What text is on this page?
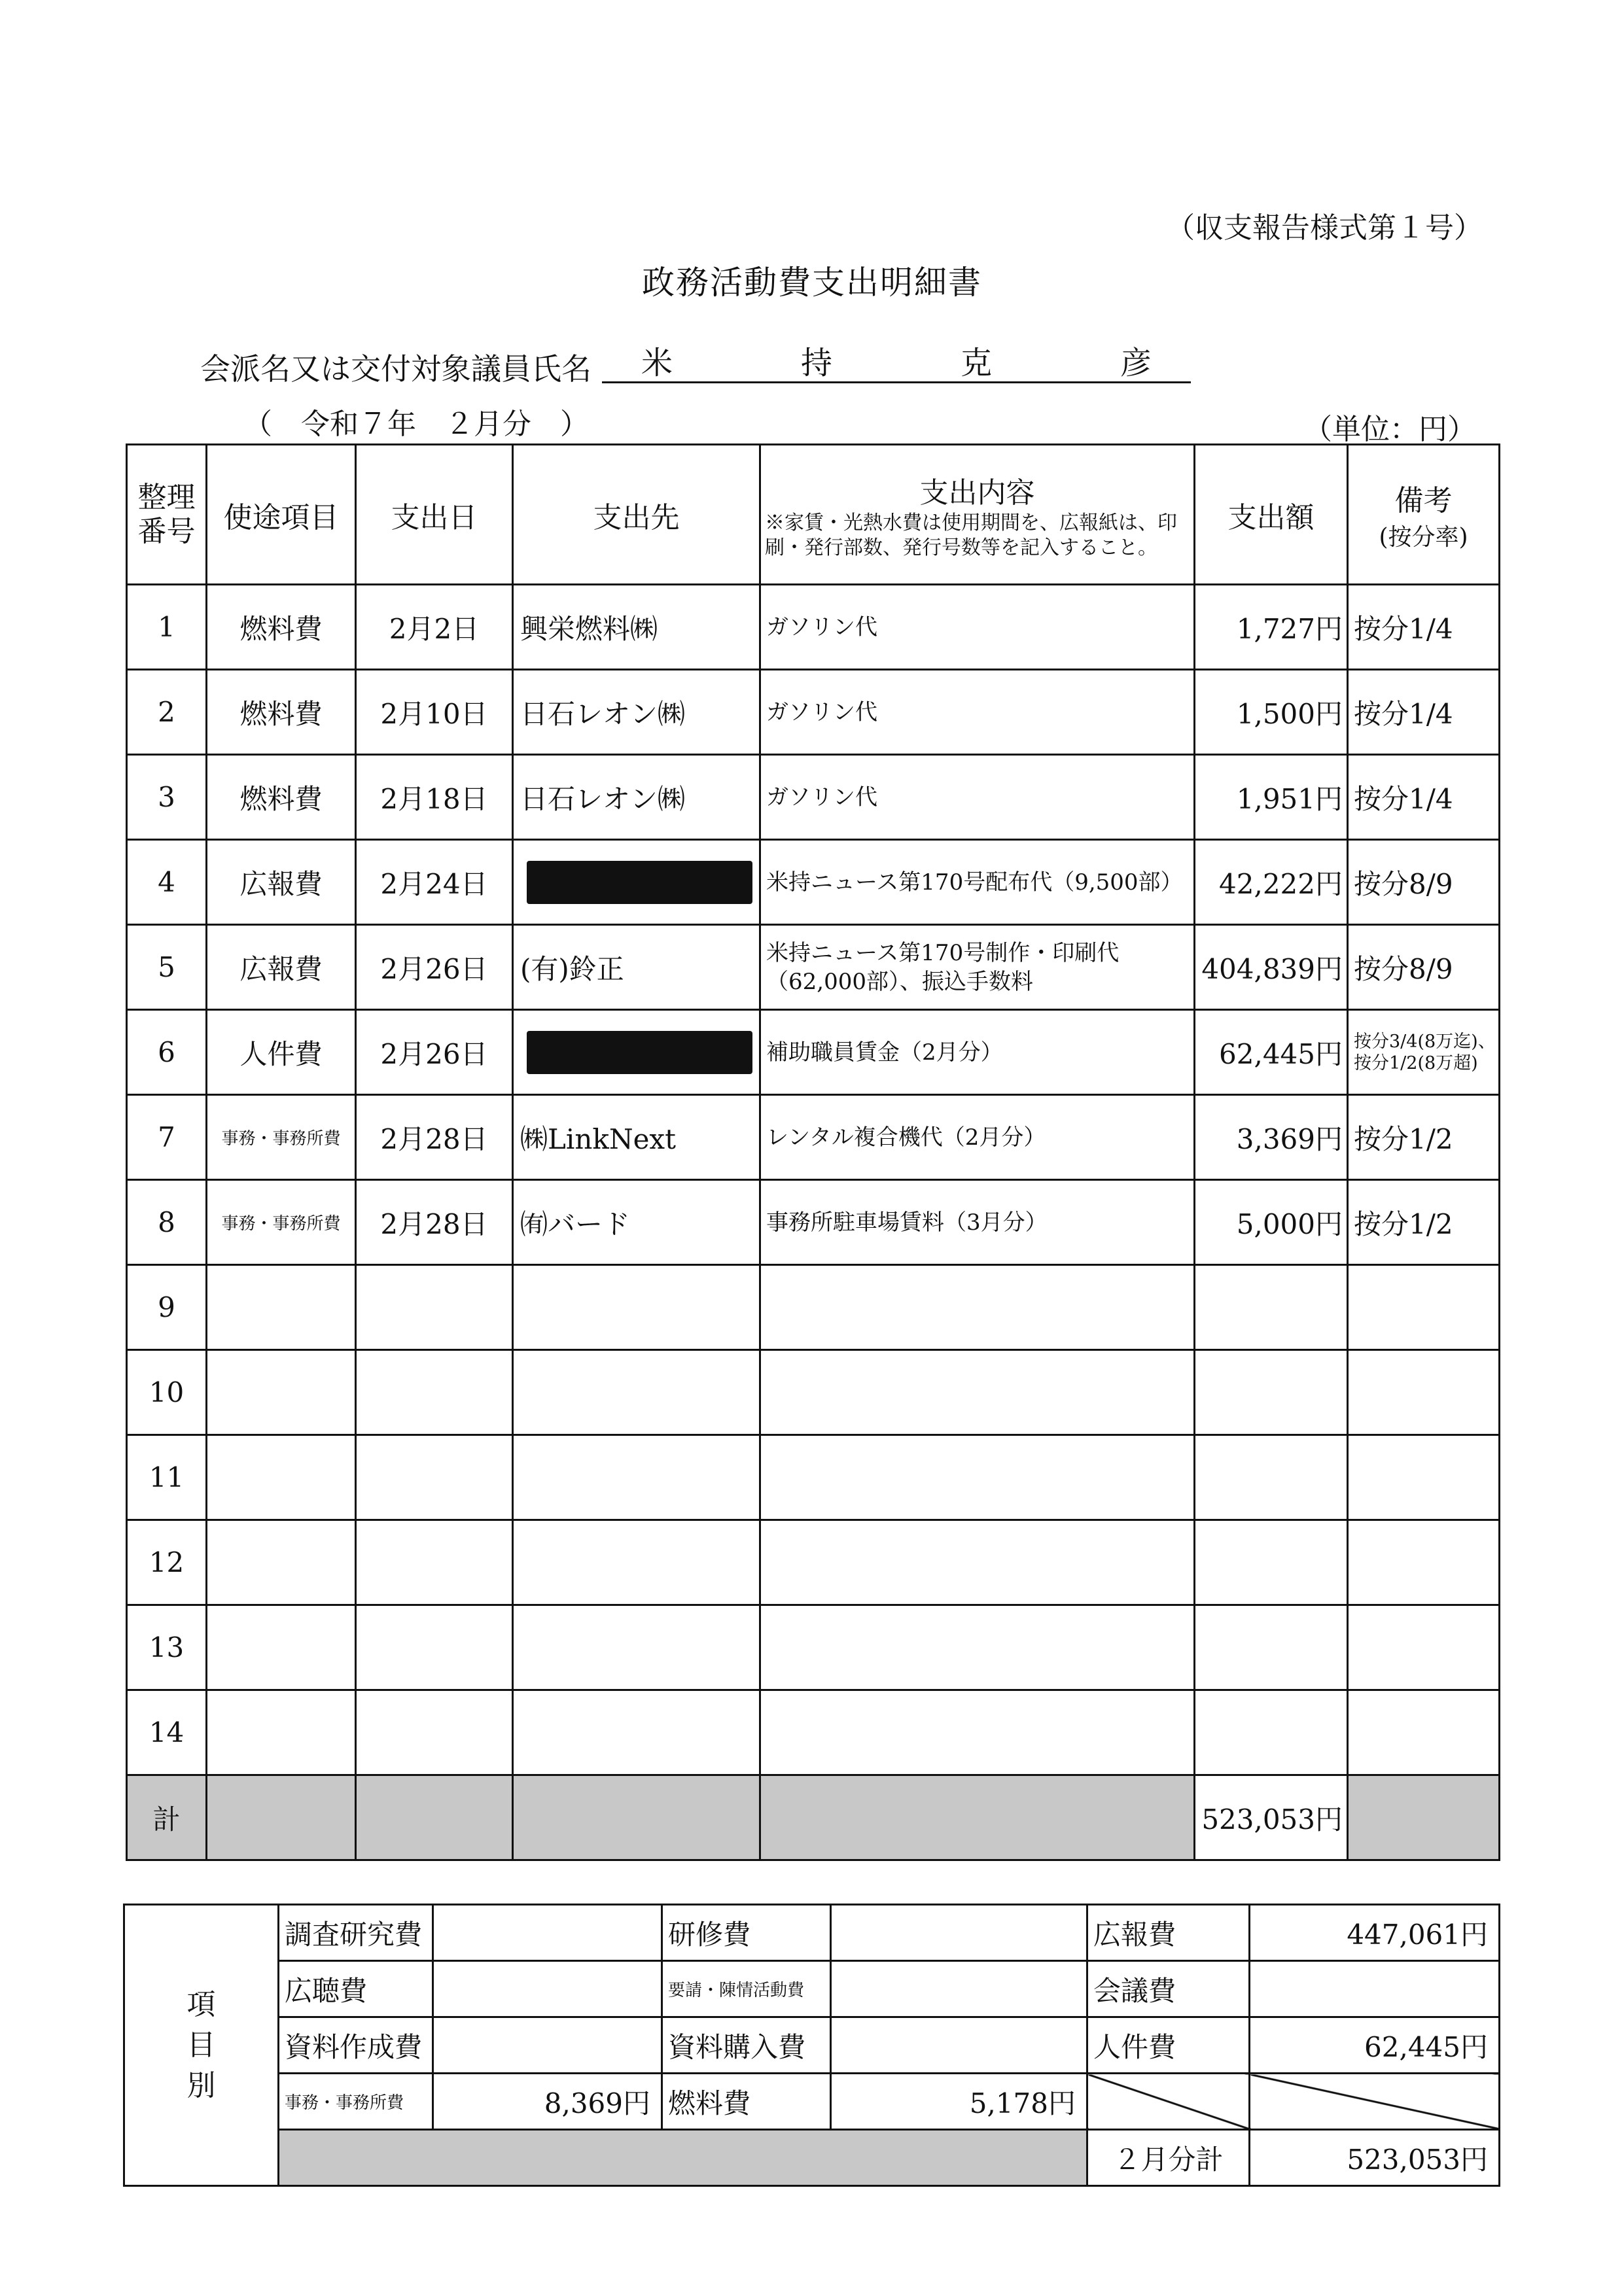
（収支報告様式第１号）
政務活動費支出明細書
会派名又は交付対象議員氏名 米	持	克	彦
（　令和７年　２月分　）	（単位：円）
整理番号	使途項目	支出日	支出先	支出内容
※家賃・光熱水費は使用期間を、広報紙は、印刷・発行部数、発行号数等を記入すること。	支出額	備考
(按分率)

1	燃料費	2月2日	興栄燃料㈱	ガソリン代	1,727円	按分1/4
2	燃料費	2月10日	日石レオン㈱	ガソリン代	1,500円	按分1/4
3	燃料費	2月18日	日石レオン㈱	ガソリン代	1,951円	按分1/4
4	広報費	2月24日		米持ニュース第170号配布代（9,500部）	42,222円	按分8/9
5	広報費	2月26日	(有)鈴正	米持ニュース第170号制作・印刷代（62,000部）、振込手数料	404,839円	按分8/9
6	人件費	2月26日		補助職員賃金（2月分）	62,445円	按分3/4(8万迄)、按分1/2(8万超)
7	事務・事務所費	2月28日	㈱LinkNext	レンタル複合機代（2月分）	3,369円	按分1/2
8	事務・事務所費	2月28日	㈲バード	事務所駐車場賃料（3月分）	5,000円	按分1/2
9						
10						
11						
12						
13						
14						
計					523,053円	
項
目
別	調査研究費		研修費		広報費	447,061円
	広聴費		要請・陳情活動費		会議費	
	資料作成費		資料購入費		人件費	62,445円
	事務・事務所費	8,369円	燃料費	5,178円		
					２月分計	523,053円
